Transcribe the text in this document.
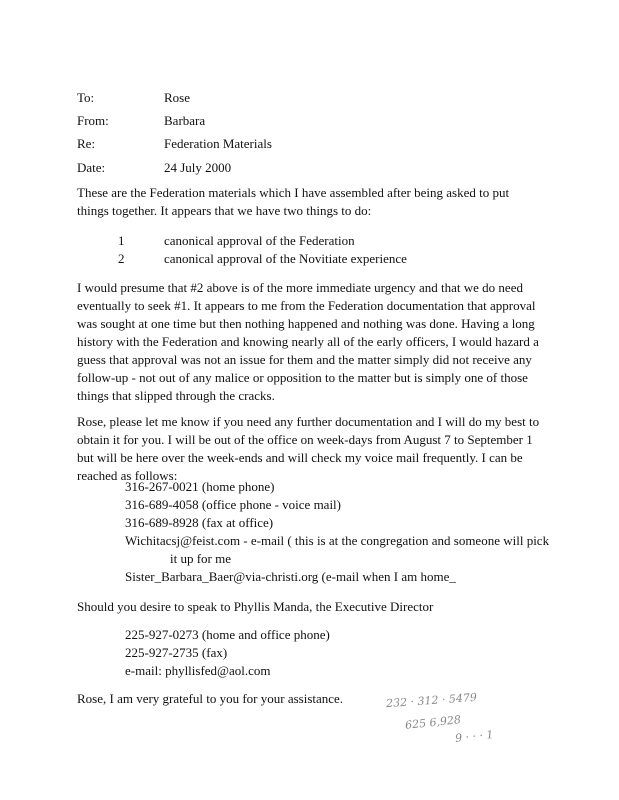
To:	Rose
From:	Barbara
Re:	Federation Materials
Date:	24 July 2000
These are the Federation materials which I have assembled after being asked to put
things together. It appears that we have two things to do:
1	canonical approval of the Federation
2	canonical approval of the Novitiate experience
I would presume that #2 above is of the more immediate urgency and that we do need
eventually to seek #1. It appears to me from the Federation documentation that approval
was sought at one time but then nothing happened and nothing was done. Having a long
history with the Federation and knowing nearly all of the early officers, I would hazard a
guess that approval was not an issue for them and the matter simply did not receive any
follow-up - not out of any malice or opposition to the matter but is simply one of those
things that slipped through the cracks.
Rose, please let me know if you need any further documentation and I will do my best to
obtain it for you. I will be out of the office on week-days from August 7 to September 1
but will be here over the week-ends and will check my voice mail frequently. I can be
reached as follows:
316-267-0021 (home phone)
316-689-4058 (office phone - voice mail)
316-689-8928 (fax at office)
Wichitacsj@feist.com - e-mail ( this is at the congregation and someone will pick
it up for me
Sister_Barbara_Baer@via-christi.org (e-mail when I am home_
Should you desire to speak to Phyllis Manda, the Executive Director
225-927-0273 (home and office phone)
225-927-2735 (fax)
e-mail: phyllisfed@aol.com
Rose, I am very grateful to you for your assistance.	232 · 312 · 5479
625 6,928
9 · · · 1
